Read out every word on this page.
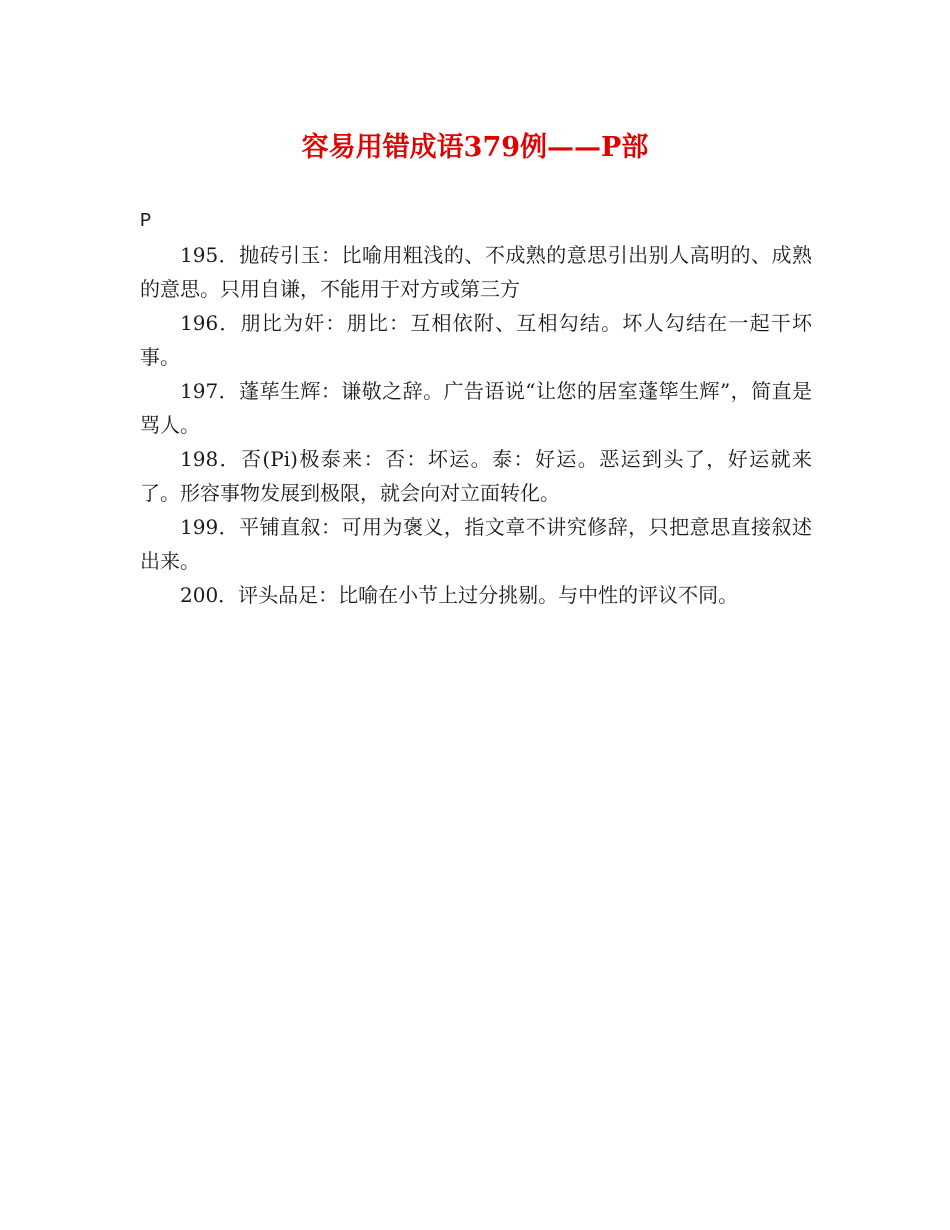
容易用错成语379例——P部

P

195．抛砖引玉：比喻用粗浅的、不成熟的意思引出别人高明的、成熟的意思。只用自谦，不能用于对方或第三方

196．朋比为奸：朋比：互相依附、互相勾结。坏人勾结在一起干坏事。

197．蓬荜生辉：谦敬之辞。广告语说“让您的居室蓬筚生辉”，简直是骂人。

198．否(Pi)极泰来：否：坏运。泰：好运。恶运到头了，好运就来了。形容事物发展到极限，就会向对立面转化。

199．平铺直叙：可用为褒义，指文章不讲究修辞，只把意思直接叙述出来。

200．评头品足：比喻在小节上过分挑剔。与中性的评议不同。
